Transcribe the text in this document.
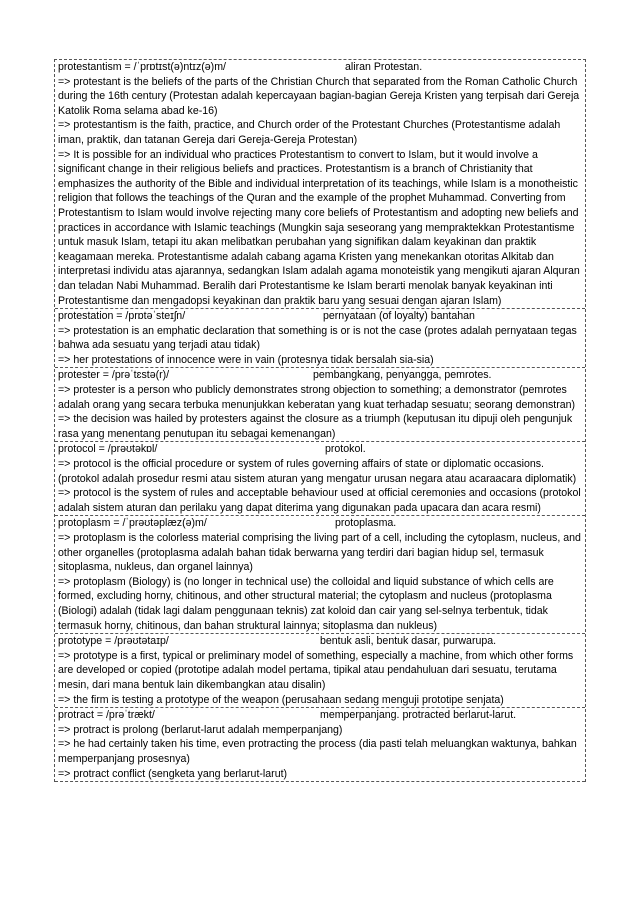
protestantism = /ˈprɒtɪst(ə)ntɪz(ə)m/	aliran Protestan.

=> protestant is the beliefs of the parts of the Christian Church that separated from the Roman Catholic Church during the 16th century (Protestan adalah kepercayaan bagian-bagian Gereja Kristen yang terpisah dari Gereja Katolik Roma selama abad ke-16)

=> protestantism is the faith, practice, and Church order of the Protestant Churches (Protestantisme adalah iman, praktik, dan tatanan Gereja dari Gereja-Gereja Protestan)

=> It is possible for an individual who practices Protestantism to convert to Islam, but it would involve a significant change in their religious beliefs and practices. Protestantism is a branch of Christianity that emphasizes the authority of the Bible and individual interpretation of its teachings, while Islam is a monotheistic religion that follows the teachings of the Quran and the example of the prophet Muhammad. Converting from Protestantism to Islam would involve rejecting many core beliefs of Protestantism and adopting new beliefs and practices in accordance with Islamic teachings (Mungkin saja seseorang yang mempraktekkan Protestantisme untuk masuk Islam, tetapi itu akan melibatkan perubahan yang signifikan dalam keyakinan dan praktik keagamaan mereka. Protestantisme adalah cabang agama Kristen yang menekankan otoritas Alkitab dan interpretasi individu atas ajarannya, sedangkan Islam adalah agama monoteistik yang mengikuti ajaran Alquran dan teladan Nabi Muhammad. Beralih dari Protestantisme ke Islam berarti menolak banyak keyakinan inti Protestantisme dan mengadopsi keyakinan dan praktik baru yang sesuai dengan ajaran Islam)

protestation = /prɒtəˈsteɪʃn/	pernyataan (of loyalty) bantahan

=> protestation is an emphatic declaration that something is or is not the case (protes adalah pernyataan tegas bahwa ada sesuatu yang terjadi atau tidak)

=> her protestations of innocence were in vain (protesnya tidak bersalah sia-sia)

protester = /prəˈtɛstə(r)/	pembangkang, penyangga, pemrotes.

=> protester is a person who publicly demonstrates strong objection to something; a demonstrator (pemrotes adalah orang yang secara terbuka menunjukkan keberatan yang kuat terhadap sesuatu; seorang demonstran)

=> the decision was hailed by protesters against the closure as a triumph (keputusan itu dipuji oleh pengunjuk rasa yang menentang penutupan itu sebagai kemenangan)

protocol = /prəʊtəkɒl/	protokol.

=> protocol is the official procedure or system of rules governing affairs of state or diplomatic occasions. (protokol adalah prosedur resmi atau sistem aturan yang mengatur urusan negara atau acaraacara diplomatik)

=> protocol is the system of rules and acceptable behaviour used at official ceremonies and occasions (protokol adalah sistem aturan dan perilaku yang dapat diterima yang digunakan pada upacara dan acara resmi)

protoplasm = /ˈprəʊtəplæz(ə)m/	protoplasma.

=> protoplasm is the colorless material comprising the living part of a cell, including the cytoplasm, nucleus, and other organelles (protoplasma adalah bahan tidak berwarna yang terdiri dari bagian hidup sel, termasuk sitoplasma, nukleus, dan organel lainnya)

=> protoplasm (Biology) is (no longer in technical use) the colloidal and liquid substance of which cells are formed, excluding horny, chitinous, and other structural material; the cytoplasm and nucleus (protoplasma (Biologi) adalah (tidak lagi dalam penggunaan teknis) zat koloid dan cair yang sel-selnya terbentuk, tidak termasuk horny, chitinous, dan bahan struktural lainnya; sitoplasma dan nukleus)

prototype = /prəʊtətaɪp/	bentuk asli, bentuk dasar, purwarupa.

=> prototype is a first, typical or preliminary model of something, especially a machine, from which other forms are developed or copied (prototipe adalah model pertama, tipikal atau pendahuluan dari sesuatu, terutama mesin, dari mana bentuk lain dikembangkan atau disalin)

=> the firm is testing a prototype of the weapon (perusahaan sedang menguji prototipe senjata)

protract = /prəˈtrækt/	memperpanjang. protracted berlarut-larut.

=> protract is prolong (berlarut-larut adalah memperpanjang)

=> he had certainly taken his time, even protracting the process (dia pasti telah meluangkan waktunya, bahkan memperpanjang prosesnya)

=> protract conflict (sengketa yang berlarut-larut)
